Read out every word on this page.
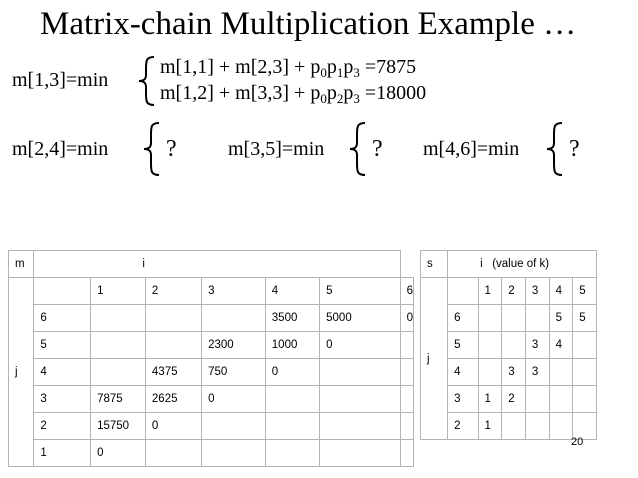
Matrix-chain Multiplication Example …
m[1,3]=min
$m[1,1] + m[2,3] + p_0p_1p_3 =7875$
$m[1,2] + m[3,3] + p_0p_2p_3 =18000$
m[2,4]=min ?	m[3,5]=min ? m[4,6]=min ?
m	i						
j		1	2	3	4	5	6
	6				3500	5000	0
	5			2300	1000	0	
	4		4375	750	0		
	3	7875	2625	0			
	2	15750	0				
	1	0					
s	i   (value of k)					
j		1	2	3	4	5
	6				5	5
	5			3	4	
	4		3	3		
	3	1	2			
	2	1				
20
